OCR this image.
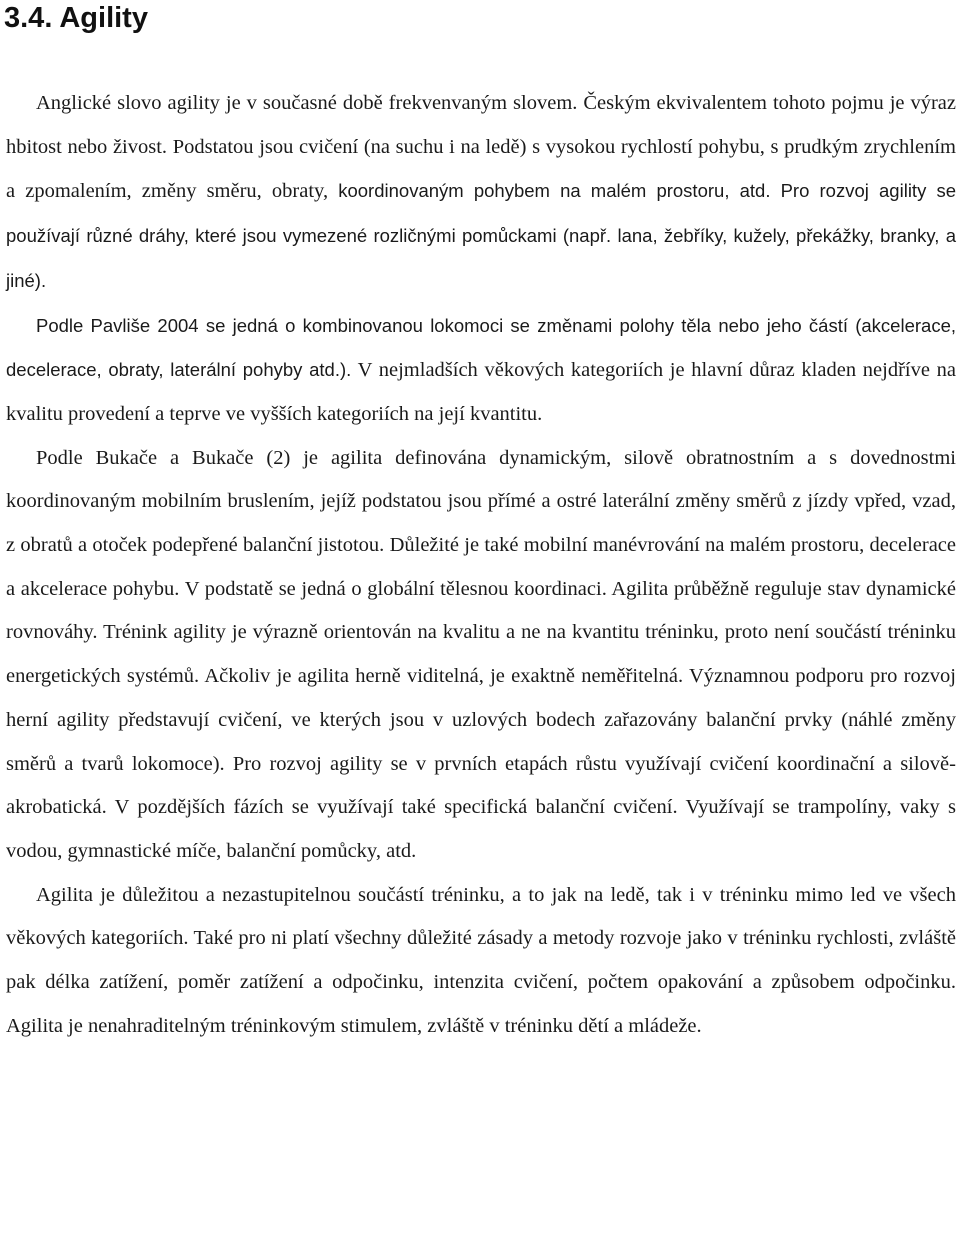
3.4. Agility

Anglické slovo agility je v současné době frekvenvaným slovem. Českým ekvivalentem tohoto pojmu je výraz hbitost nebo živost. Podstatou jsou cvičení (na suchu i na ledě) s vysokou rychlostí pohybu, s prudkým zrychlením a zpomalením, změny směru, obraty, koordinovaným pohybem na malém prostoru, atd. Pro rozvoj agility se používají různé dráhy, které jsou vymezené rozličnými pomůckami (např. lana, žebříky, kužely, překážky, branky, a jiné).

Podle Pavliše 2004 se jedná o kombinovanou lokomoci se změnami polohy těla nebo jeho částí (akcelerace, decelerace, obraty, laterální pohyby atd.). V nejmladších věkových kategoriích je hlavní důraz kladen nejdříve na kvalitu provedení a teprve ve vyšších kategoriích na její kvantitu.

Podle Bukače a Bukače (2) je agilita definována dynamickým, silově obratnostním a s dovednostmi koordinovaným mobilním bruslením, jejíž podstatou jsou přímé a ostré laterální změny směrů z jízdy vpřed, vzad, z obratů a otoček podepřené balanční jistotou. Důležité je také mobilní manévrování na malém prostoru, decelerace a akcelerace pohybu. V podstatě se jedná o globální tělesnou koordinaci. Agilita průběžně reguluje stav dynamické rovnováhy. Trénink agility je výrazně orientován na kvalitu a ne na kvantitu tréninku, proto není součástí tréninku energetických systémů. Ačkoliv je agilita herně viditelná, je exaktně neměřitelná. Významnou podporu pro rozvoj herní agility představují cvičení, ve kterých jsou v uzlových bodech zařazovány balanční prvky (náhlé změny směrů a tvarů lokomoce). Pro rozvoj agility se v prvních etapách růstu využívají cvičení koordinační a silově-akrobatická. V pozdějších fázích se využívají také specifická balanční cvičení. Využívají se trampolíny, vaky s vodou, gymnastické míče, balanční pomůcky, atd.

Agilita je důležitou a nezastupitelnou součástí tréninku, a to jak na ledě, tak i v tréninku mimo led ve všech věkových kategoriích. Také pro ni platí všechny důležité zásady a metody rozvoje jako v tréninku rychlosti, zvláště pak délka zatížení, poměr zatížení a odpočinku, intenzita cvičení, počtem opakování a způsobem odpočinku. Agilita je nenahraditelným tréninkovým stimulem, zvláště v tréninku dětí a mládeže.
